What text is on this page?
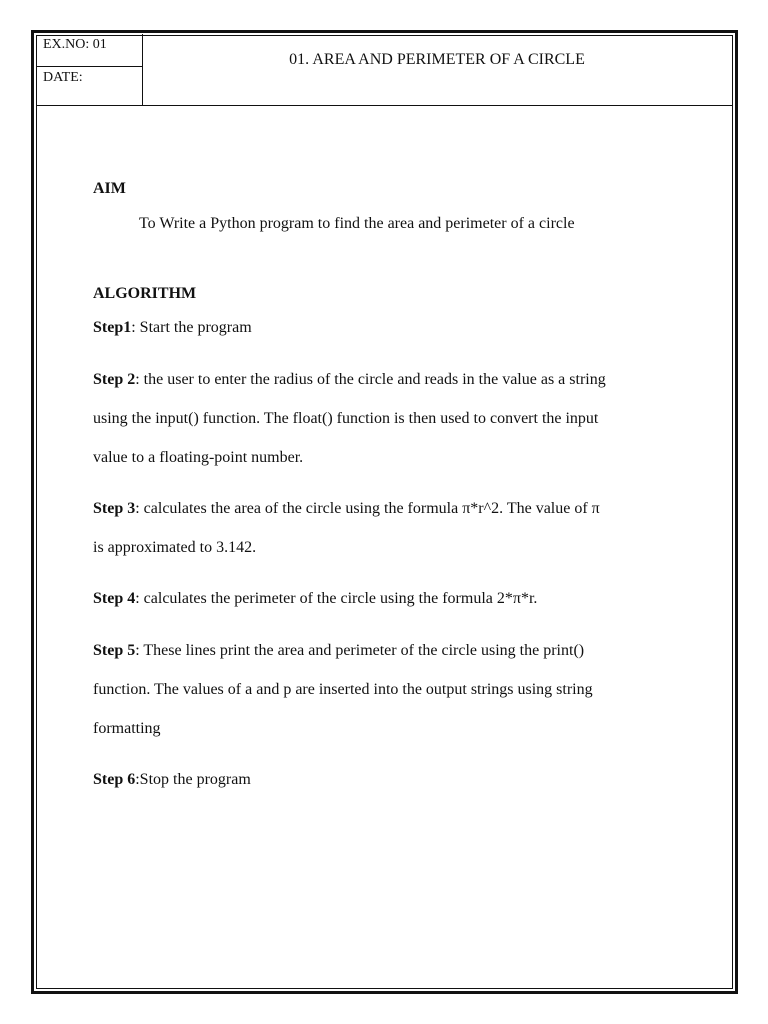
EX.NO: 01
DATE:
01. AREA AND PERIMETER OF A CIRCLE
AIM
To Write a Python program to find the area and perimeter of a circle
ALGORITHM
Step1: Start the program
Step 2: the user to enter the radius of the circle and reads in the value as a string
using the input() function. The float() function is then used to convert the input
value to a floating-point number.
Step 3: calculates the area of the circle using the formula π*r^2. The value of π
is approximated to 3.142.
Step 4: calculates the perimeter of the circle using the formula 2*π*r.
Step 5: These lines print the area and perimeter of the circle using the print()
function. The values of a and p are inserted into the output strings using string
formatting
Step 6:Stop the program
